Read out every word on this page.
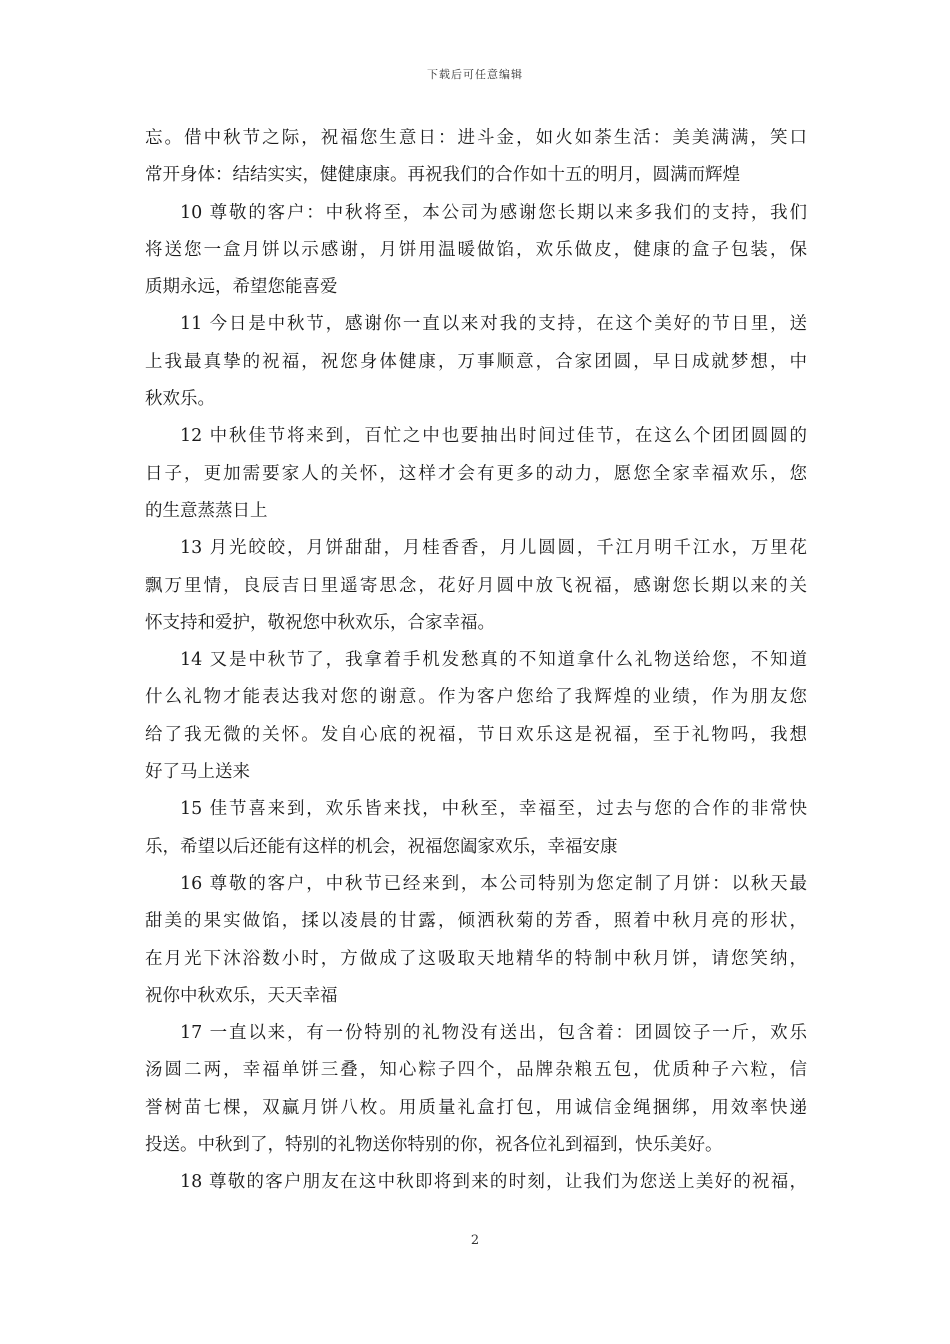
下载后可任意编辑
忘。借中秋节之际，祝福您生意日：进斗金，如火如荼生活：美美满满，笑口
常开身体：结结实实，健健康康。再祝我们的合作如十五的明月，圆满而辉煌
10 尊敬的客户：中秋将至，本公司为感谢您长期以来多我们的支持，我们
将送您一盒月饼以示感谢，月饼用温暖做馅，欢乐做皮，健康的盒子包装，保
质期永远，希望您能喜爱
11 今日是中秋节，感谢你一直以来对我的支持，在这个美好的节日里，送
上我最真挚的祝福，祝您身体健康，万事顺意，合家团圆，早日成就梦想，中
秋欢乐。
12 中秋佳节将来到，百忙之中也要抽出时间过佳节，在这么个团团圆圆的
日子，更加需要家人的关怀，这样才会有更多的动力，愿您全家幸福欢乐，您
的生意蒸蒸日上
13 月光皎皎，月饼甜甜，月桂香香，月儿圆圆，千江月明千江水，万里花
飘万里情，良辰吉日里遥寄思念，花好月圆中放飞祝福，感谢您长期以来的关
怀支持和爱护，敬祝您中秋欢乐，合家幸福。
14 又是中秋节了，我拿着手机发愁真的不知道拿什么礼物送给您，不知道
什么礼物才能表达我对您的谢意。作为客户您给了我辉煌的业绩，作为朋友您
给了我无微的关怀。发自心底的祝福，节日欢乐这是祝福，至于礼物吗，我想
好了马上送来
15 佳节喜来到，欢乐皆来找，中秋至，幸福至，过去与您的合作的非常快
乐，希望以后还能有这样的机会，祝福您阖家欢乐，幸福安康
16 尊敬的客户，中秋节已经来到，本公司特别为您定制了月饼：以秋天最
甜美的果实做馅，揉以凌晨的甘露，倾洒秋菊的芳香，照着中秋月亮的形状，
在月光下沐浴数小时，方做成了这吸取天地精华的特制中秋月饼，请您笑纳，
祝你中秋欢乐，天天幸福
17 一直以来，有一份特别的礼物没有送出，包含着：团圆饺子一斤，欢乐
汤圆二两，幸福单饼三叠，知心粽子四个，品牌杂粮五包，优质种子六粒，信
誉树苗七棵，双赢月饼八枚。用质量礼盒打包，用诚信金绳捆绑，用效率快递
投送。中秋到了，特别的礼物送你特别的你，祝各位礼到福到，快乐美好。
18 尊敬的客户朋友在这中秋即将到来的时刻，让我们为您送上美好的祝福，
2
